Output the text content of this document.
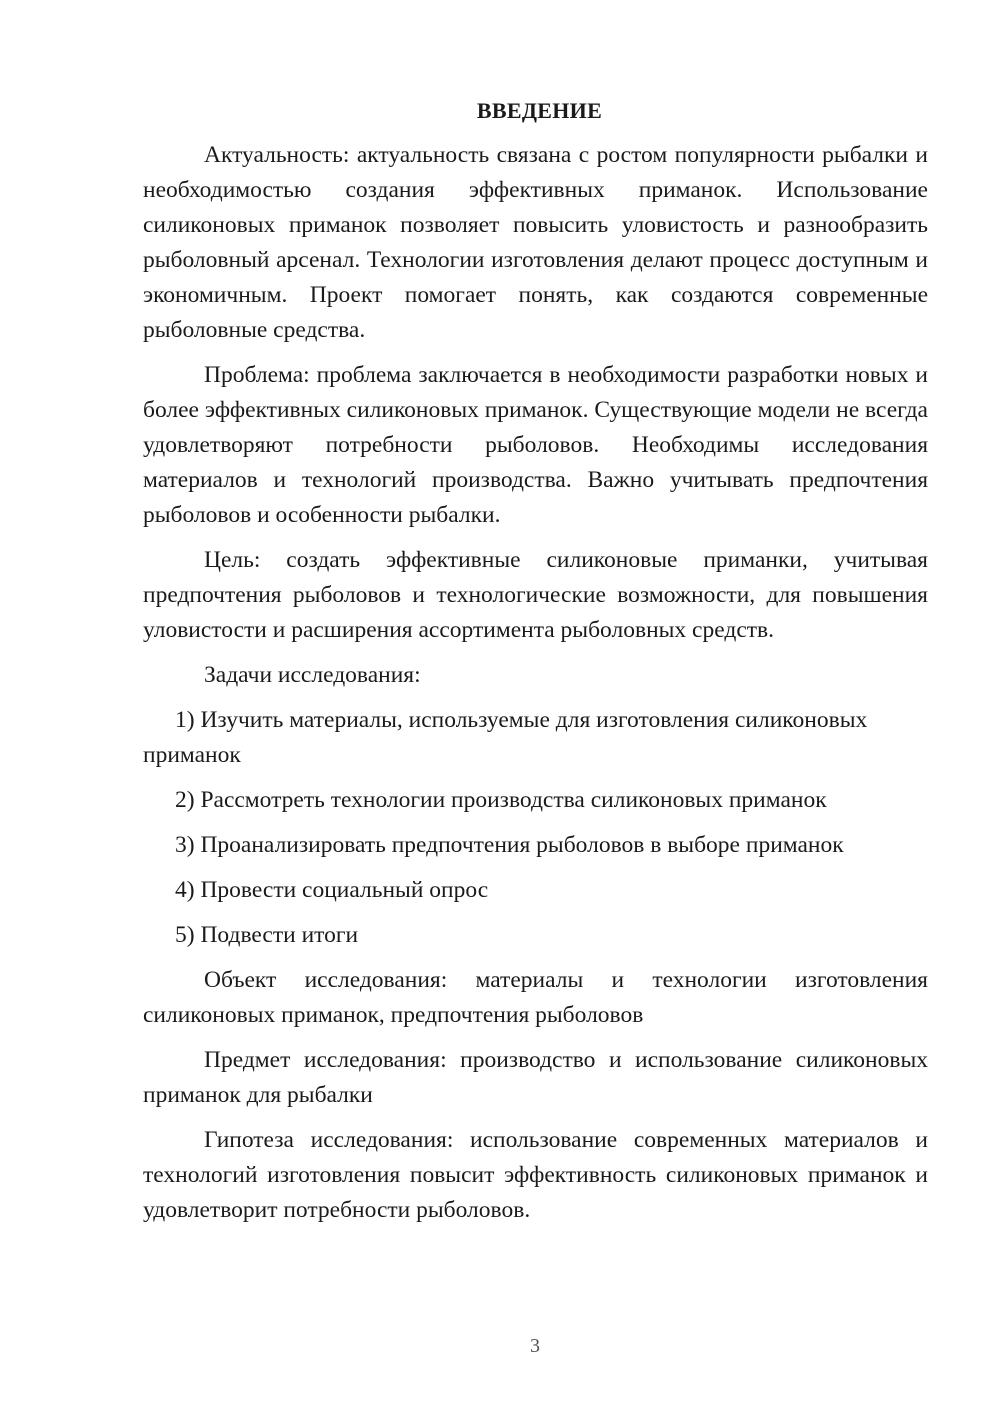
ВВЕДЕНИЕ

Актуальность: актуальность связана с ростом популярности рыбалки и необходимостью создания эффективных приманок. Использование силиконовых приманок позволяет повысить уловистость и разнообразить рыболовный арсенал. Технологии изготовления делают процесс доступным и экономичным. Проект помогает понять, как создаются современные рыболовные средства.

Проблема: проблема заключается в необходимости разработки новых и более эффективных силиконовых приманок. Существующие модели не всегда удовлетворяют потребности рыболовов. Необходимы исследования материалов и технологий производства. Важно учитывать предпочтения рыболовов и особенности рыбалки.

Цель: создать эффективные силиконовые приманки, учитывая предпочтения рыболовов и технологические возможности, для повышения уловистости и расширения ассортимента рыболовных средств.

Задачи исследования:

1) Изучить материалы, используемые для изготовления силиконовых приманок

2) Рассмотреть технологии производства силиконовых приманок

3) Проанализировать предпочтения рыболовов в выборе приманок

4) Провести социальный опрос

5) Подвести итоги

Объект исследования: материалы и технологии изготовления силиконовых приманок, предпочтения рыболовов

Предмет исследования: производство и использование силиконовых приманок для рыбалки

Гипотеза исследования: использование современных материалов и технологий изготовления повысит эффективность силиконовых приманок и удовлетворит потребности рыболовов.

3
